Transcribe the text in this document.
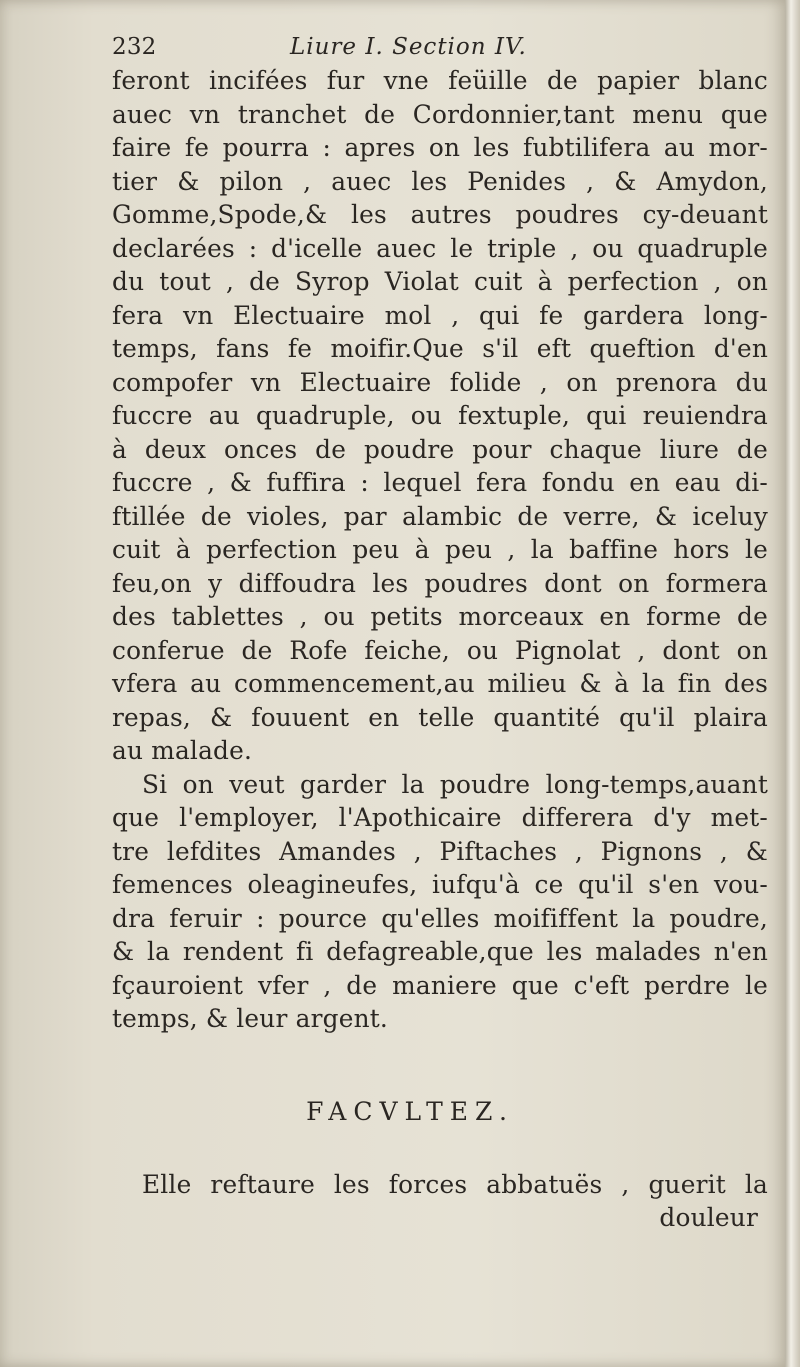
232	Liure I. Section IV.
feront incifées fur vne feüille de papier blanc
auec vn tranchet de Cordonnier,tant menu que
faire fe pourra : apres on les fubtilifera au mor-
tier & pilon , auec les Penides , & Amydon,
Gomme,Spode,& les autres poudres cy-deuant
declarées : d'icelle auec le triple , ou quadruple
du tout , de Syrop Violat cuit à perfection , on
fera vn Electuaire mol , qui fe gardera long-
temps, fans fe moifir.Que s'il eft queftion d'en
compofer vn Electuaire folide , on prenora du
fuccre au quadruple, ou fextuple, qui reuiendra
à deux onces de poudre pour chaque liure de
fuccre , & fuffira : lequel fera fondu en eau di-
ftillée de violes, par alambic de verre, & iceluy
cuit à perfection peu à peu , la baffine hors le
feu,on y diffoudra les poudres dont on formera
des tablettes , ou petits morceaux en forme de
conferue de Rofe feiche, ou Pignolat , dont on
vfera au commencement,au milieu & à la fin des
repas, & fouuent en telle quantité qu'il plaira
au malade.
Si on veut garder la poudre long-temps,auant
que l'employer, l'Apothicaire differera d'y met-
tre lefdites Amandes , Piftaches , Pignons , &
femences oleagineufes, iufqu'à ce qu'il s'en vou-
dra feruir : pource qu'elles moififfent la poudre,
& la rendent fi defagreable,que les malades n'en
fçauroient vfer , de maniere que c'eft perdre le
temps, & leur argent.
FACVLTEZ.
Elle reftaure les forces abbatuës , guerit la
douleur
